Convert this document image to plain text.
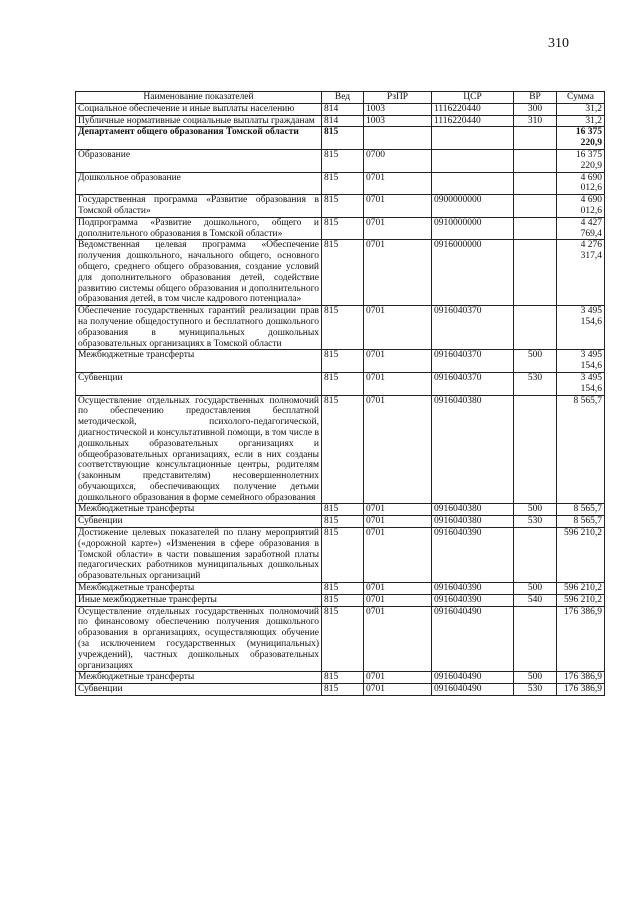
310
Наименование показателей	Вед	РзПР	ЦСР	ВР	Сумма
Социальное обеспечение и иные выплаты населению	814	1003	1116220440	300	31,2
Публичные нормативные социальные выплаты гражданам	814	1003	1116220440	310	31,2
Департамент общего образования Томской области	815				16 375 220,9
Образование	815	0700			16 375 220,9
Дошкольное образование	815	0701			4 690 012,6
Государственная программа «Развитие образования в Томской области»	815	0701	0900000000		4 690 012,6
Подпрограмма «Развитие дошкольного, общего и дополнительного образования в Томской области»	815	0701	0910000000		4 427 769,4
Ведомственная целевая программа «Обеспечение получения дошкольного, начального общего, основного общего, среднего общего образования, создание условий для дополнительного образования детей, содействие развитию системы общего образования и дополнительного образования детей, в том числе кадрового потенциала»	815	0701	0916000000		4 276 317,4
Обеспечение государственных гарантий реализации прав на получение общедоступного и бесплатного дошкольного образования в муниципальных дошкольных образовательных организациях в Томской области	815	0701	0916040370		3 495 154,6
Межбюджетные трансферты	815	0701	0916040370	500	3 495 154,6
Субвенции	815	0701	0916040370	530	3 495 154,6
Осуществление отдельных государственных полномочий по обеспечению предоставления бесплатной методической, психолого-педагогической, диагностической и консультативной помощи, в том числе в дошкольных образовательных организациях и общеобразовательных организациях, если в них созданы соответствующие консультационные центры, родителям (законным представителям) несовершеннолетних обучающихся, обеспечивающих получение детьми дошкольного образования в форме семейного образования	815	0701	0916040380		8 565,7
Межбюджетные трансферты	815	0701	0916040380	500	8 565,7
Субвенции	815	0701	0916040380	530	8 565,7
Достижение целевых показателей по плану мероприятий («дорожной карте») «Изменения в сфере образования в Томской области» в части повышения заработной платы педагогических работников муниципальных дошкольных образовательных организаций	815	0701	0916040390		596 210,2
Межбюджетные трансферты	815	0701	0916040390	500	596 210,2
Иные межбюджетные трансферты	815	0701	0916040390	540	596 210,2
Осуществление отдельных государственных полномочий по финансовому обеспечению получения дошкольного образования в организациях, осуществляющих обучение (за исключением государственных (муниципальных) учреждений), частных дошкольных образовательных организациях	815	0701	0916040490		176 386,9
Межбюджетные трансферты	815	0701	0916040490	500	176 386,9
Субвенции	815	0701	0916040490	530	176 386,9
